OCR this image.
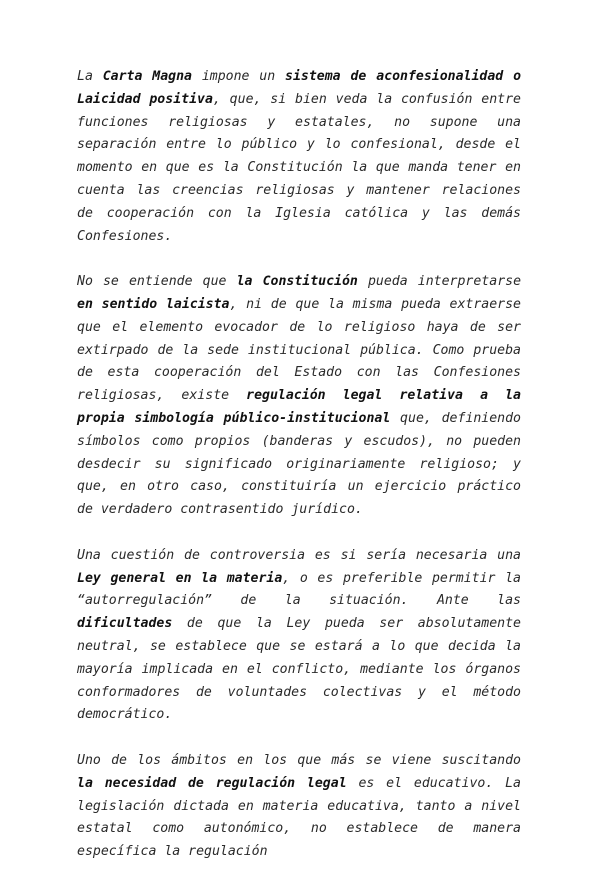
La Carta Magna impone un sistema de aconfesionalidad o Laicidad positiva, que, si bien veda la confusión entre funciones religiosas y estatales, no supone una separación entre lo público y lo confesional, desde el momento en que es la Constitución la que manda tener en cuenta las creencias religiosas y mantener relaciones de cooperación con la Iglesia católica y las demás Confesiones.

No se entiende que la Constitución pueda interpretarse en sentido laicista, ni de que la misma pueda extraerse que el elemento evocador de lo religioso haya de ser extirpado de la sede institucional pública. Como prueba de esta cooperación del Estado con las Confesiones religiosas, existe regulación legal relativa a la propia simbología público-institucional que, definiendo símbolos como propios (banderas y escudos), no pueden desdecir su significado originariamente religioso; y que, en otro caso, constituiría un ejercicio práctico de verdadero contrasentido jurídico.

Una cuestión de controversia es si sería necesaria una Ley general en la materia, o es preferible permitir la “autorregulación” de la situación. Ante las dificultades de que la Ley pueda ser absolutamente neutral, se establece que se estará a lo que decida la mayoría implicada en el conflicto, mediante los órganos conformadores de voluntades colectivas y el método democrático.

Uno de los ámbitos en los que más se viene suscitando la necesidad de regulación legal es el educativo. La legislación dictada en materia educativa, tanto a nivel estatal como autonómico, no establece de manera específica la regulación
